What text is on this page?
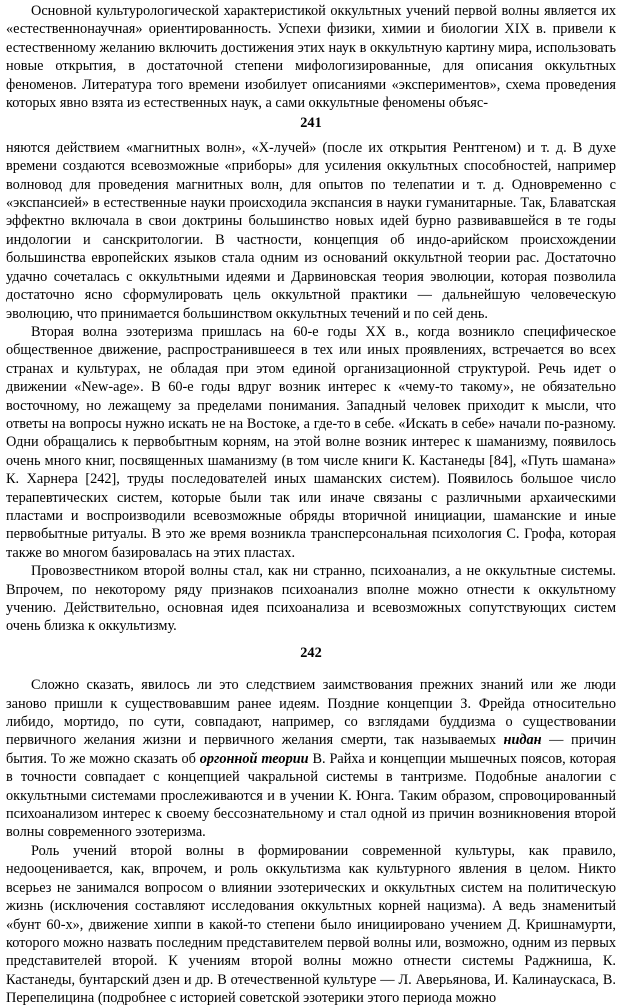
Основной культурологической характеристикой оккультных учений первой волны является их «естественнонаучная» ориентированность. Успехи физики, химии и биологии XIX в. привели к естественному желанию включить достижения этих наук в оккультную картину мира, использовать новые открытия, в достаточной степени мифологизированные, для описания оккультных феноменов. Литература того времени изобилует описаниями «экспериментов», схема проведения которых явно взята из естественных наук, а сами оккультные феномены объяс-

241

няются действием «магнитных волн», «X-лучей» (после их открытия Рентгеном) и т. д. В духе времени создаются всевозможные «приборы» для усиления оккультных способностей, например волновод для проведения магнитных волн, для опытов по телепатии и т. д. Одновременно с «экспансией» в естественные науки происходила экспансия в науки гуманитарные. Так, Блаватская эффектно включала в свои доктрины большинство новых идей бурно развивавшейся в те годы индологии и санскритологии. В частности, концепция об индо-арийском происхождении большинства европейских языков стала одним из оснований оккультной теории рас. Достаточно удачно сочеталась с оккультными идеями и Дарвиновская теория эволюции, которая позволила достаточно ясно сформулировать цель оккультной практики — дальнейшую человеческую эволюцию, что принимается большинством оккультных течений и по сей день.

Вторая волна эзотеризма пришлась на 60-е годы XX в., когда возникло специфическое общественное движение, распространившееся в тех или иных проявлениях, встречается во всех странах и культурах, не обладая при этом единой организационной структурой. Речь идет о движении «New-age». В 60-е годы вдруг возник интерес к «чему-то такому», не обязательно восточному, но лежащему за пределами понимания. Западный человек приходит к мысли, что ответы на вопросы нужно искать не на Востоке, а где-то в себе. «Искать в себе» начали по-разному. Одни обращались к первобытным корням, на этой волне возник интерес к шаманизму, появилось очень много книг, посвященных шаманизму (в том числе книги К. Кастанеды [84], «Путь шамана» К. Харнера [242], труды последователей иных шаманских систем). Появилось большое число терапевтических систем, которые были так или иначе связаны с различными архаическими пластами и воспроизводили всевозможные обряды вторичной инициации, шаманские и иные первобытные ритуалы. В это же время возникла трансперсональная психология С. Грофа, которая также во многом базировалась на этих пластах.

Провозвестником второй волны стал, как ни странно, психоанализ, а не оккультные системы. Впрочем, по некоторому ряду признаков психоанализ вполне можно отнести к оккультному учению. Действительно, основная идея психоанализа и всевозможных сопутствующих систем очень близка к оккультизму.

242

Сложно сказать, явилось ли это следствием заимствования прежних знаний или же люди заново пришли к существовавшим ранее идеям. Поздние концепции З. Фрейда относительно либидо, мортидо, по сути, совпадают, например, со взглядами буддизма о существовании первичного желания жизни и первичного желания смерти, так называемых нидан — причин бытия. То же можно сказать об оргонной теории В. Райха и концепции мышечных поясов, которая в точности совпадает с концепцией чакральной системы в тантризме. Подобные аналогии с оккультными системами прослеживаются и в учении К. Юнга. Таким образом, спровоцированный психоанализом интерес к своему бессознательному и стал одной из причин возникновения второй волны современного эзотеризма.

Роль учений второй волны в формировании современной культуры, как правило, недооценивается, как, впрочем, и роль оккультизма как культурного явления в целом. Никто всерьез не занимался вопросом о влиянии эзотерических и оккультных систем на политическую жизнь (исключения составляют исследования оккультных корней нацизма). А ведь знаменитый «бунт 60-х», движение хиппи в какой-то степени было инициировано учением Д. Кришнамурти, которого можно назвать последним представителем первой волны или, возможно, одним из первых представителей второй. К учениям второй волны можно отнести системы Раджниша, К. Кастанеды, бунтарский дзен и др. В отечественной культуре — Л. Аверьянова, И. Калинаускаса, В. Перепелицина (подробнее с историей советской эзотерики этого периода можно
